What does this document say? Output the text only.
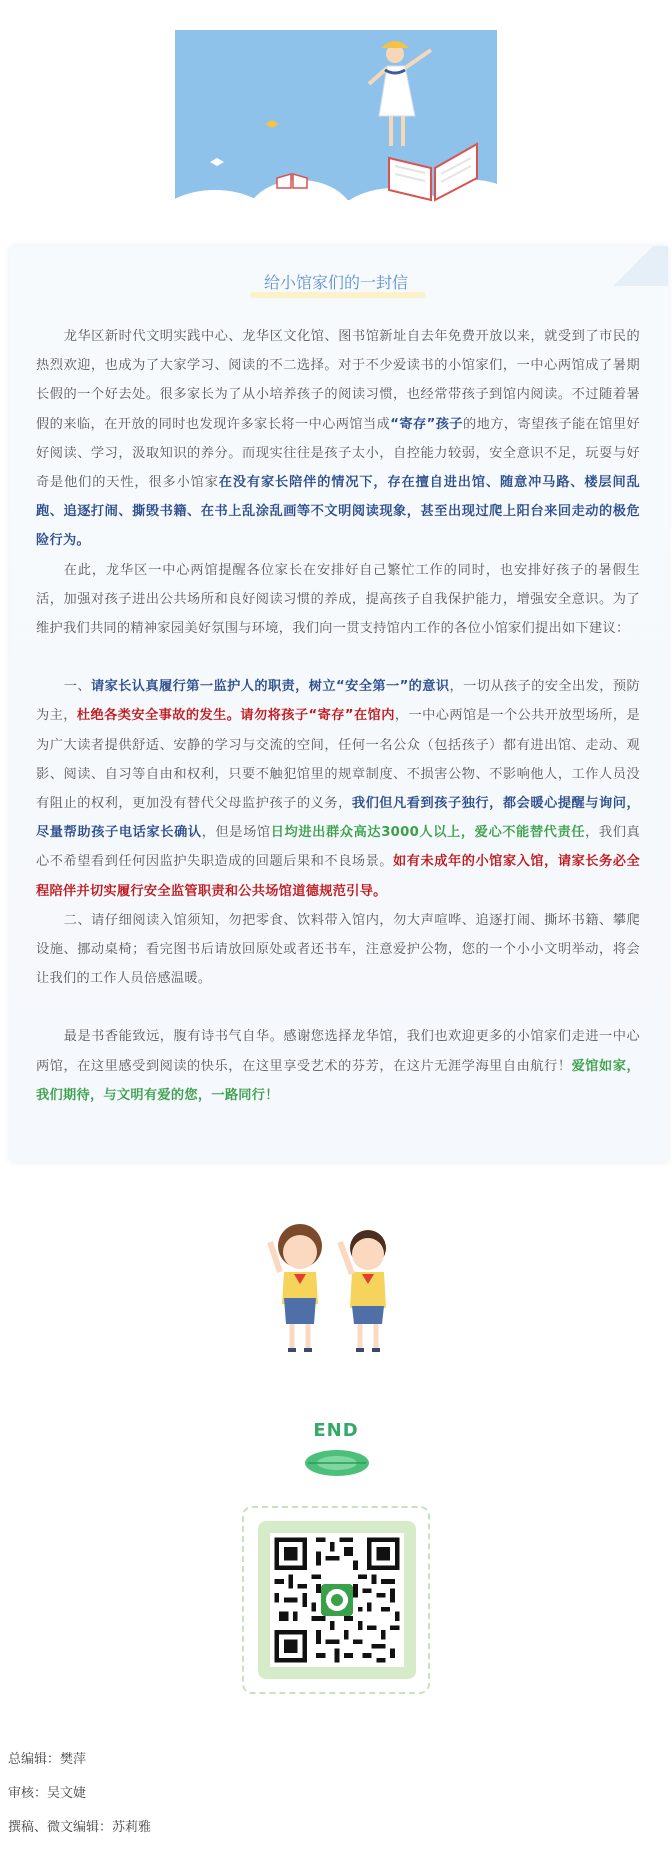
给小馆家们的一封信

龙华区新时代文明实践中心、龙华区文化馆、图书馆新址自去年免费开放以来，就受到了市民的热烈欢迎，也成为了大家学习、阅读的不二选择。对于不少爱读书的小馆家们，一中心两馆成了暑期长假的一个好去处。很多家长为了从小培养孩子的阅读习惯，也经常带孩子到馆内阅读。不过随着暑假的来临，在开放的同时也发现许多家长将一中心两馆当成“寄存”孩子的地方，寄望孩子能在馆里好好阅读、学习，汲取知识的养分。而现实往往是孩子太小，自控能力较弱，安全意识不足，玩耍与好奇是他们的天性，很多小馆家在没有家长陪伴的情况下，存在擅自进出馆、随意冲马路、楼层间乱跑、追逐打闹、撕毁书籍、在书上乱涂乱画等不文明阅读现象，甚至出现过爬上阳台来回走动的极危险行为。

在此，龙华区一中心两馆提醒各位家长在安排好自己繁忙工作的同时，也安排好孩子的暑假生活，加强对孩子进出公共场所和良好阅读习惯的养成，提高孩子自我保护能力，增强安全意识。为了维护我们共同的精神家园美好氛围与环境，我们向一贯支持馆内工作的各位小馆家们提出如下建议：

一、请家长认真履行第一监护人的职责，树立“安全第一”的意识，一切从孩子的安全出发，预防为主，杜绝各类安全事故的发生。请勿将孩子“寄存”在馆内，一中心两馆是一个公共开放型场所，是为广大读者提供舒适、安静的学习与交流的空间，任何一名公众（包括孩子）都有进出馆、走动、观影、阅读、自习等自由和权利，只要不触犯馆里的规章制度、不损害公物、不影响他人，工作人员没有阻止的权利，更加没有替代父母监护孩子的义务，我们但凡看到孩子独行，都会暖心提醒与询问，尽量帮助孩子电话家长确认，但是场馆日均进出群众高达3000人以上，爱心不能替代责任，我们真心不希望看到任何因监护失职造成的回题后果和不良场景。如有未成年的小馆家入馆，请家长务必全程陪伴并切实履行安全监管职责和公共场馆道德规范引导。

二、请仔细阅读入馆须知，勿把零食、饮料带入馆内，勿大声喧哗、追逐打闹、撕坏书籍、攀爬设施、挪动桌椅；看完图书后请放回原处或者还书车，注意爱护公物，您的一个小小文明举动，将会让我们的工作人员倍感温暖。

最是书香能致远，腹有诗书气自华。感谢您选择龙华馆，我们也欢迎更多的小馆家们走进一中心两馆，在这里感受到阅读的快乐，在这里享受艺术的芬芳，在这片无涯学海里自由航行！爱馆如家，我们期待，与文明有爱的您，一路同行！

END
总编辑：樊萍
审核：吴文婕
撰稿、微文编辑：苏莉雅
